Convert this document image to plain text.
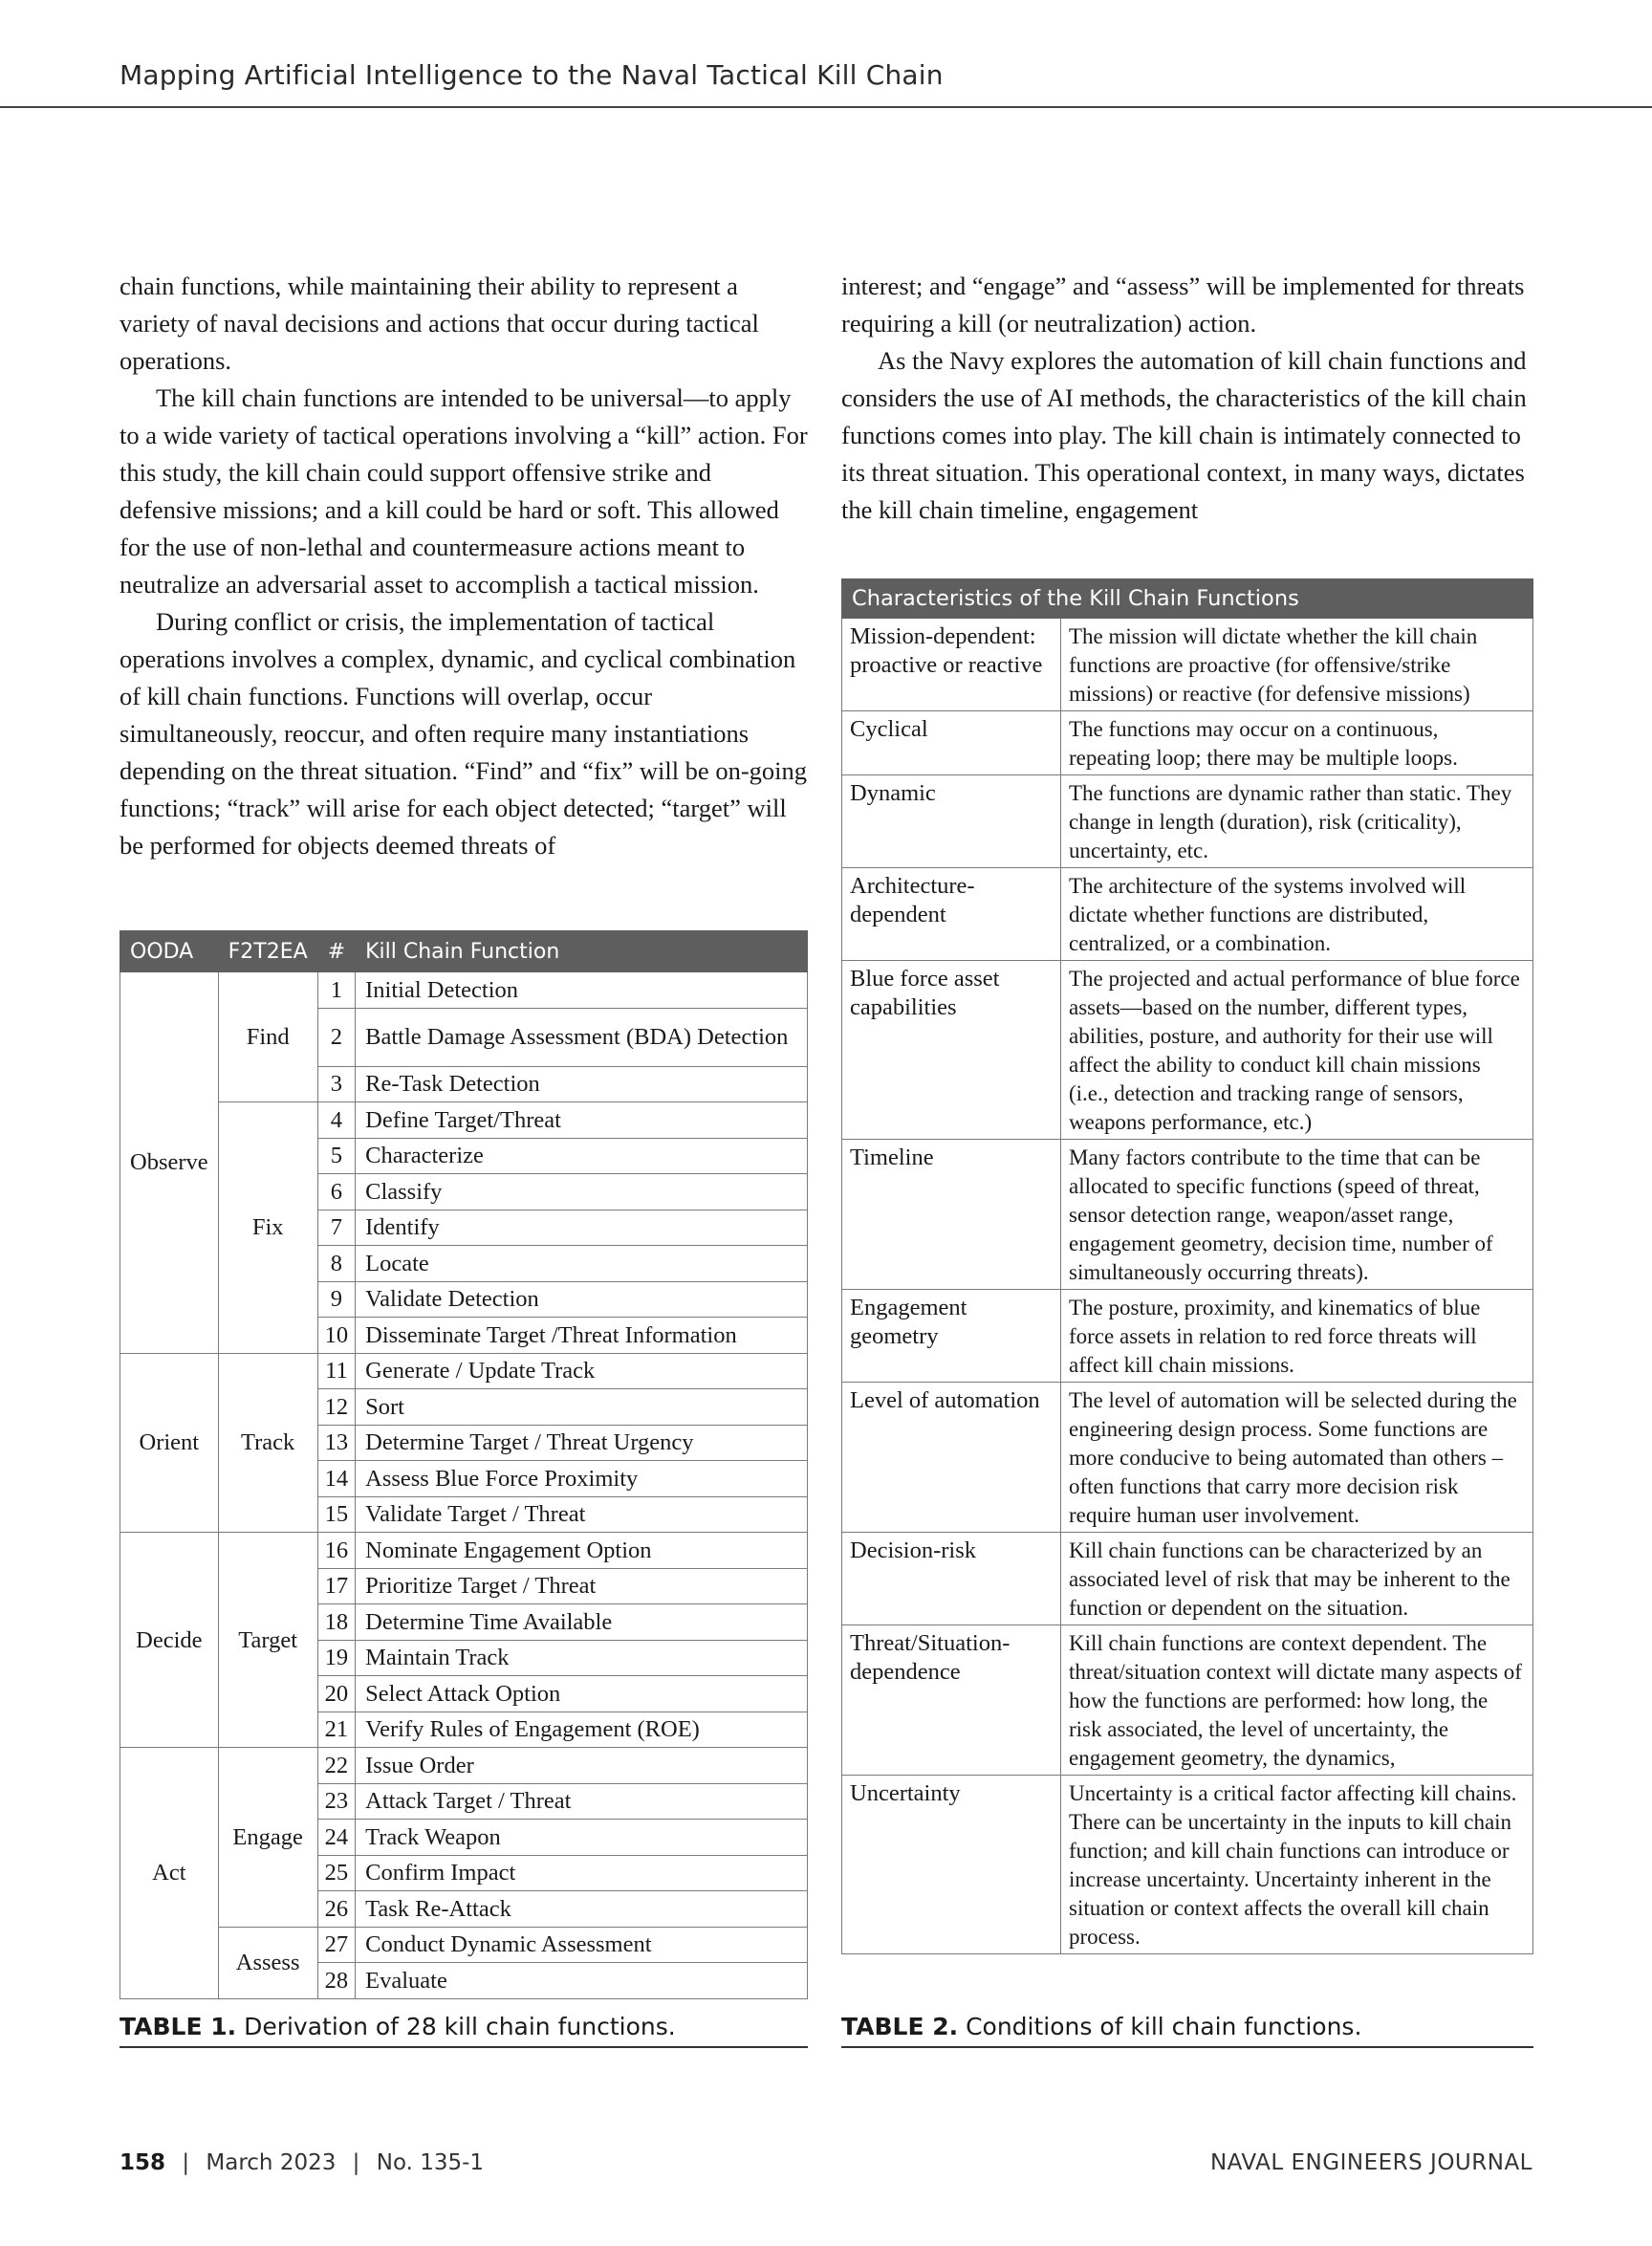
Mapping Artificial Intelligence to the Naval Tactical Kill Chain

chain functions, while maintaining their ability to represent a variety of naval decisions and actions that occur during tactical operations.

The kill chain functions are intended to be universal—to apply to a wide variety of tactical operations involving a “kill” action. For this study, the kill chain could support offensive strike and defensive missions; and a kill could be hard or soft. This allowed for the use of non-lethal and countermeasure actions meant to neutralize an adversarial asset to accomplish a tactical mission.

During conflict or crisis, the implementation of tactical operations involves a complex, dynamic, and cyclical combination of kill chain functions. Functions will overlap, occur simultaneously, reoccur, and often require many instantiations depending on the threat situation. “Find” and “fix” will be on-going functions; “track” will arise for each object detected; “target” will be performed for objects deemed threats of

interest; and “engage” and “assess” will be implemented for threats requiring a kill (or neutralization) action.

As the Navy explores the automation of kill chain functions and considers the use of AI methods, the characteristics of the kill chain functions comes into play. The kill chain is intimately connected to its threat situation. This operational context, in many ways, dictates the kill chain timeline, engagement

OODA	F2T2EA	#	Kill Chain Function
Observe	Find	1	Initial Detection
		2	Battle Damage Assessment (BDA) Detection
		3	Re-Task Detection
	Fix	4	Define Target/Threat
		5	Characterize
		6	Classify
		7	Identify
		8	Locate
		9	Validate Detection
		10	Disseminate Target /Threat Information
Orient	Track	11	Generate / Update Track
		12	Sort
		13	Determine Target / Threat Urgency
		14	Assess Blue Force Proximity
		15	Validate Target / Threat
Decide	Target	16	Nominate Engagement Option
		17	Prioritize Target / Threat
		18	Determine Time Available
		19	Maintain Track
		20	Select Attack Option
		21	Verify Rules of Engagement (ROE)
Act	Engage	22	Issue Order
		23	Attack Target / Threat
		24	Track Weapon
		25	Confirm Impact
		26	Task Re-Attack
	Assess	27	Conduct Dynamic Assessment
		28	Evaluate
Characteristics of the Kill Chain Functions	
Mission-dependent: proactive or reactive	The mission will dictate whether the kill chain functions are proactive (for offensive/strike missions) or reactive (for defensive missions)
Cyclical	The functions may occur on a continuous, repeating loop; there may be multiple loops.
Dynamic	The functions are dynamic rather than static. They change in length (duration), risk (criticality), uncertainty, etc.
Architecture-dependent	The architecture of the systems involved will dictate whether functions are distributed, centralized, or a combination.
Blue force asset capabilities	The projected and actual performance of blue force assets—based on the number, different types, abilities, posture, and authority for their use will affect the ability to conduct kill chain missions (i.e., detection and tracking range of sensors, weapons performance, etc.)
Timeline	Many factors contribute to the time that can be allocated to specific functions (speed of threat, sensor detection range, weapon/asset range, engagement geometry, decision time, number of simultaneously occurring threats).
Engagement geometry	The posture, proximity, and kinematics of blue force assets in relation to red force threats will affect kill chain missions.
Level of automation	The level of automation will be selected during the engineering design process. Some functions are more conducive to being automated than others – often functions that carry more decision risk require human user involvement.
Decision-risk	Kill chain functions can be characterized by an associated level of risk that may be inherent to the function or dependent on the situation.
Threat/Situation-dependence	Kill chain functions are context dependent. The threat/situation context will dictate many aspects of how the functions are performed: how long, the risk associated, the level of uncertainty, the engagement geometry, the dynamics,
Uncertainty	Uncertainty is a critical factor affecting kill chains. There can be uncertainty in the inputs to kill chain function; and kill chain functions can introduce or increase uncertainty. Uncertainty inherent in the situation or context affects the overall kill chain process.
TABLE 1. Derivation of 28 kill chain functions.	TABLE 2. Conditions of kill chain functions.
158 | March 2023 | No. 135-1	NAVAL ENGINEERS JOURNAL
